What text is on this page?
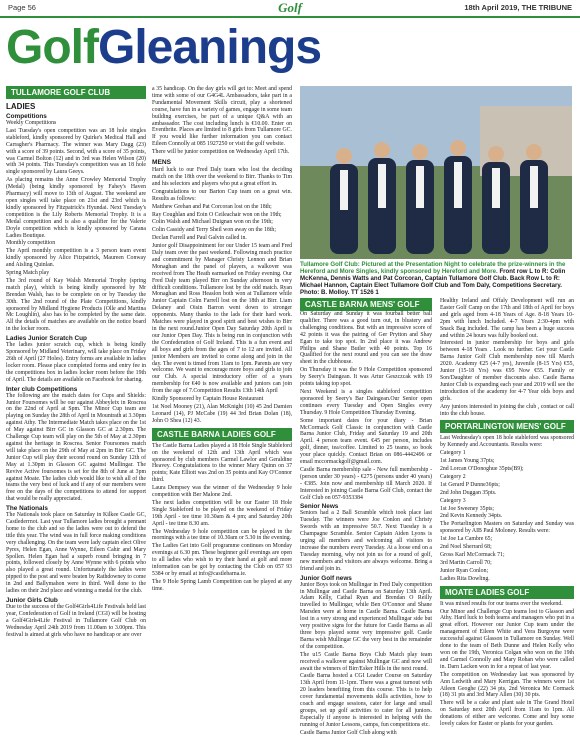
Page 56	Golf	18th April 2019, THE TRIBUNE
GolfGleanings
TULLAMORE GOLF CLUB
LADIES
Competitions

Weekly Competitions

Last Tuesday's open competition was an 18 hole singles stableford, kindly sponsored by Quirke's Medical Hall and Carragher's Pharmacy. The winner was Mary Dagg (23) with a score of 39 points. Second, with a score of 35 points, was Carmel Bolton (12) and in 3rd was Helen Wilson (20) with 34 points. This Tuesday's competition was an 18 hole single sponsored by Laura Geeys.

As placing remains the Anne Crowley Memorial Trophy (Medal) (being kindly sponsored by Fahey's Haven Pharmacy) will move to 13th of August. The weekend are open singles will take place on 21st and 23rd which is kindly sponsored by Fitzpatrick's Hyundai. Next Tuesday's competition is the Lily Roberts Memorial Trophy. It is a Medal competition and is also a qualifier for the Valerie Doyle competition which is kindly sponsored by Carana Ladies Boutique.

Monthly competition

The April monthly competition is a 3 person team event kindly sponsored by Alice Fitzpatrick, Maureen Conway and Aisling Quinlan.

Spring Match play

The 3rd round of Kay Walsh Memorial Trophy (spring match play), which is being kindly sponsored by Mr Brendan Walsh, has to be complete on or by Tuesday the 30th. The 2nd round of the Plate Competitions, kindly sponsored by Midland Hygiene Products (Olle and Martina Mc Loughlin), also has to be completed by the same date. All the details of matches are available on the notice board in the locker room.

Ladies Junior Scratch Cup

The ladies junior scratch cup, which is being kindly Sponsored by Midland Veterinary, will take place on Friday 26th of April (27 Holes). Entry forms are available in ladies locker room. Please place completed forms and entry fee in the competitions box in ladies locker room before the 19th of April. The details are available on Facebook for sharing.

Inter club Competitions

The following are the match dates for Cups and Shields: Junior Foursomes will be our against Abbeyleix in Roscrea on the 22nd of April at Spm. The Minor Cup team are playing on Sunday the 28th of April in Mountrath at 3.30pm against Athy. The Intermediate Match takes place on the 1st of May against Birr GC in Glasson GC at 2.30pm. The Challenge Cup team will play on the 5th of May at 2.30pm against the heritage in Roscrea. Senior Foursomes match will take place on the 29th of May at 2pm in Birr GC. The Junior Cup will play their second round on Sunday 12th of May at 1.30pm in Glasson GC against Mullingar. The Revive Active foursomes is set for the 8th of June at 3pm against Moate. The ladies club would like to wish all of the teams the very best of luck and if any of our members were free on the days of the competitions to attend for support that would be really appreciated.

The Nationals

The Nationals took place on Saturday in Kilkee Castle GC, Castlederrnot. Last year Tullamore ladies brought a pennant home to the club and so the ladies were out to defend the title this year. The wind was in full force making conditions very challenging. On the team were lady captain elect Olive Pyres, Helen Egan, Anne Wynne, Eileen Cahir and Mary Spollen. Helen Egan had a superb round bringing in 7 points, followed closely by Anne Wynne with 6 points who also played a great round. Unfortunately the ladies were pipped to the post and were beaten by Rathdowney to come in 2nd and Ballymahon were in third. Well done to the ladies on their 2nd place and winning a medal for the club.

Junior Girls Club

Due to the success of the Golf4Girls4Life Festivals held last year, Confederation of Golf in Ireland (CGI) will be hosting a Golf4Girls4Life Festival in Tullamore Golf Club on Wednesday April 24th 2019 from 11.00am to 3.00pm. This festival is aimed at girls who have no handicap or are over

a 35 handicap. On the day girls will get to: Meet and spend time with some of our G4G4L Ambassadors, take part in a Fundamental Movement Skills circuit, play a shortened course, have fun in a variety of games, engage in some team building exercises, be part of a unique Q&A with an ambassador. The cost including lunch is €10.00. Enter on Eventbrite. Places are limited to 8 girls from Tullamore GC. If you would like further information you can contact Eileen Connolly at 085 1927250 or visit the golf website.

There will be junior competition on Wednesday April 17th.

MENS

Hard luck to our Fred Daly team who lost the deciding match on the 18th over the weekend to Birr. Thanks to Tim and his selectors and players who put a great effort in.

Congratulations to our Barton Cup team on a great win. Results as follows:

Matthew Grehan and Pat Corcoran lost on the 18th;

Ray Coughlan and Eoin O Ceileachair won on the 19th;

Colin Walsh and Michael Duignan won on the 19th;

Colin Cassidy and Terry Sheil won away on the 18th;

Declan Farrell and Paul Galvin called in.

Junior golf Disappointment for our Under 15 team and Fred Daly team over the past weekend. Following much practice and commitment by Manager Christy Lennon and Brian Monaghan and the panel of players, a walkover was received from The Heath earmarked on Friday evening. Our Fred Daly team played Birr on Sunday afternoon in very difficult conditions. Tullamore lost by the odd match. Ryan Monaghan and Ross Heaslon both won at Tullamore while Junior Captain Colm Farrell lost on the 18th at Birr. Liam Delaney and Oisin Barron went down to stronger opponents. Many thanks to the lads for their hard work. Matches were played in good spirit and best wishes to Birr in the next round.Junior Open Day Saturday 20th April is our Junior Open Day. This is being run in conjunction with the Confederation of Golf Ireland. This is a fun event and all boys and girls from the ages of 7 to 12 are invited. All junior Members are invited to come along and join in the day. The event is timed from 11am to 1pm. Parents are very welcome. We want to encourage more boys and girls to join our Club. A special introductory offer of a years membership for €40 is now available and juniors can join from the age of 7.Competition Results 13th 14th April

Kindly Sponsored by Captain House Restaurant

1st Noel Mooney (21), Alan McKnight (10) 45 2nd Damien Leonard (14), PJ McCabe (19) 44 3rd Brian Dolan (18), John O Shea (12) 43.

CASTLE BARNA LADIES GOLF

The Castle Barna Ladies played a 18 Hole Single Stableford on the weekend of 12th and 13th April which was sponsored by club members Carmel Lawlor and Geraldine Heavey. Congratulations to the winner Mary Quinn on 37 points; Kate Elliott was 2nd on 35 points and Kay O'Connor third.

Laura Dempsey was the winner of the Wednesday 9 hole competition with Ber Malone 2nd.

The next ladies competition will be our Easter 18 Hole Single Stableford to be played on the weekend of Friday 19th April - tee time 10.30am & 4 pm; and Saturday 20th April - tee time 8.30 am.

The Wednesday 9 hole competition can be played in the mornings with a tee time of 10.30am or 5.30 in the evening.

The Ladies Get into Golf programme continues on Monday evenings at 6.30 pm. These beginner golf evenings are open to all ladies who wish to try their hand at golf and more information can be got by contacting the Club on 057 93 5384 or by email at info@castlebarna.ie.

The 9 Hole Spring Lamb Competition can be played at any time.

Tullamore Golf Club: Pictured at the Presentation Night to celebrate the prize-winners in the Hereford and More Singles, kindly sponsored by Hereford and More. Front row L to R: Colin McKenna, Dennis Watts and Pat Corcoran, Captain Tullamore Golf Club. Back Row L to R: Michael Hannon, Captain Elect Tullamore Golf Club and Tom Daly, Competitions Secretary. Photo: B. Molloy. TT 1526 1
CASTLE BARNA MENS' GOLF

On Saturday and Sunday it was fourball better ball qualifier. There was a good turn out, in blustery and challenging conditions. But with an impressive score of 42 points it was the pairing of Ger Prytton and Shay Egan to take top spot. In 2nd place it was Andrew Philips and Shane Butler with 40 points. Top 16 Qualified for the next round and you can see the draw sheet in the clubhouse.

On Thursday it was the 9 Hole Competition sponsored by Seery's Daingean. It was Artur Geszczcak with 19 points taking top spot.

Next Weekend is a singles stableford competition sponsored by Seery's Bar Daingean.Our Senior open continues every Tuesday and Open Singles every Thursday. 9 Hole Competition Thursday Evening.

Some important dates for your diary - Brian McCormack Golf Classic in conjunction with Castle Barna Junior Club, Friday and Saturday 19 and 20th April. 4 person team event. €45 per person, includes golf, dinner, tea/coffee. Limited to 25 teams, so book your place quickly. Contact Brian on 086-4442496 or email mccormackgolf@gmail.com.

Castle Barna membership sale - New full membership - (person under 30 years) - €275 (persons under 40 years) - €385. Join now and membership till March 2020. If Interested in joining Castle Barna Golf Club, contact the Golf Club on 057-9353384

Senior News

Seniors had a 2 Ball Scramble which took place last Tuesday. The winners were Joe Conlon and Christy Swords with an impressive 50.7. Next Tuesday is a Champagne Scramble. Senior Captain Aiden Lyons is urging all members and welcoming all visitors to increase the numbers every Tuesday. At a loose end on a Tuesday morning, why not join us for a round of golf, new members and visitors are always welcome. Bring a friend and join in.

Junior Golf news

Junior Boys took on Mullingar in Fred Daly competition in Mullingar and Castle Barna on Saturday 13th April. Adam Kelly, Cathal Ryan and Brendan O Reilly travelled to Mullingar, while Ben O'Connor and Shane Marsden were at home in Castle Barna. Castle Barna lost in a very strong and experienced Mullingar side but very positive signs for the future for Castle Barna as all three boys played some very impressive golf. Castle Barna wish Mullingar GC the very best in the remainder of the competition.

The u15 Castle Barna Boys Club Match play team received a walkover against Mullingar GC and now will await the winners of Birr/Esker Hills in the next round.

Castle Barna hosted a CGI Leader Course on Saturday 13th April from 11-1pm. There was a great turnout with 20 leaders benefiting from this course. This is to help cover fundamental movements skills activities, how to coach and engage sessions, cater for large and small groups, set up golf activities to cater for all juniors. Especially if anyone is interested in helping with the running of Junior Lessons, camps, fun competitions etc.

Castle Barna Junior Golf Club along with

Healthy Ireland and Offaly Development will run an Easter Golf Camp on the 17th and 18th of April for boys and girls aged from 4-18 Years of Age. 8-18 Years 10-2pm with lunch Included. 4-7 Years 2:30-4pm with Snack Bag included. The camp has been a huge success and within 24 hours was fully booked out.

Interested in junior membership for boys and girls between 4-18 Years . Look no further. Get your Castle Barna Junior Golf Club membership now till March 2020. Academy €25 (4-7 yrs), Juvenile (8-15 Yrs) €55, Junior (15-18 Yrs) was €95 Now €55. Family or Son/Daughter of member discounts also. Castle Barna Junior Club is expanding each year and 2019 will see the introduction of the academy for 4-7 Year olds boys and girls.

Any juniors interested in joining the club , contact or call into the club house.

PORTARLINGTON MENS' GOLF

Last Wednesday's open 18 hole stableford was sponsored by Kennedy and Accountants. Results were:

Category 1

1st James Young 37pts;

2nd Lorcan O'Donoghue 35pts(B9);

Category 2

1st Gerard P Dunne36pts;

2nd John Duggan 35pts.

Category 3

1st Joe Sweeney 35pts;

2nd Kevin Kennedy 34pts.

The Portarlington Masters on Saturday and Sunday was sponsored by AIB Paul Moloney. Results were:

1st Joe La Cambre 65;

2nd Noel Sherrard 68;

Gross Karl McCormack 71;

3rd Martin Carroll 70;

Junior Ryan Conlon;

Ladies Rita Dowling.

MOATE LADIES GOLF

It was mixed results for our teams over the weekend.

Our Minor and Challenge Cup teams lost to Glasson and Athy. Hard luck to both teams and managers who put in a great effort. However our Junior Cup team under the management of Eileen White and Vera Burgoyne were successful against Glasson in Tullamore on Sunday. Well done to the team of Beth Dunne and Helen Kelly who won on the 19th, Veronica Colgan who won on the 19th and Carmel Connolly and Mary Rohan who were called in. Darn Lacken won in for a repeat of last year.

The competition on Wednesday last was sponsored by Ann Ledwith and Mary Kerrigan. The winners were 1st Aileen Geoghe (22) 34 pts, 2nd Veronica Mc Cormack (18) 31 pts and 3rd Mary Allen (30) 30 pts.

There will be a cake and plant sale in The Grand Hotel on Saturday next 20th April from 11am to 1pm. All donations of either are welcome. Come and buy some lovely cakes for Easter or plants for your garden.
